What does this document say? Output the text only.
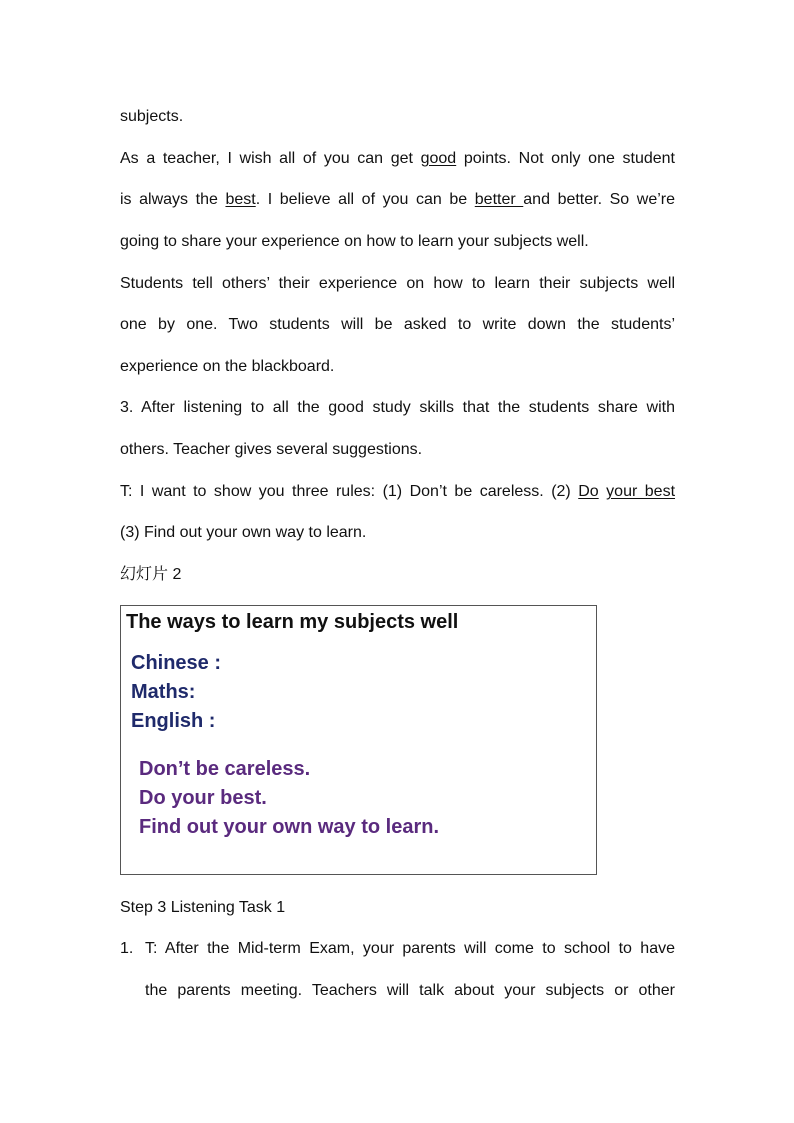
subjects.
As a teacher, I wish all of you can get good points. Not only one student
is always the best. I believe all of you can be better and better. So we’re
going to share your experience on how to learn your subjects well.
Students tell others’ their experience on how to learn their subjects well
one by one. Two students will be asked to write down the students’
experience on the blackboard.
3. After listening to all the good study skills that the students share with
others. Teacher gives several suggestions.
T: I want to show you three rules: (1) Don’t be careless. (2) Do your best
(3) Find out your own way to learn.
幻灯片 2
The ways to learn my subjects well
Chinese :
Maths:
English :
Don’t be careless.
Do your best.
Find out your own way to learn.
Step 3 Listening Task 1
1. T: After the Mid-term Exam, your parents will come to school to have
the parents meeting. Teachers will talk about your subjects or other
